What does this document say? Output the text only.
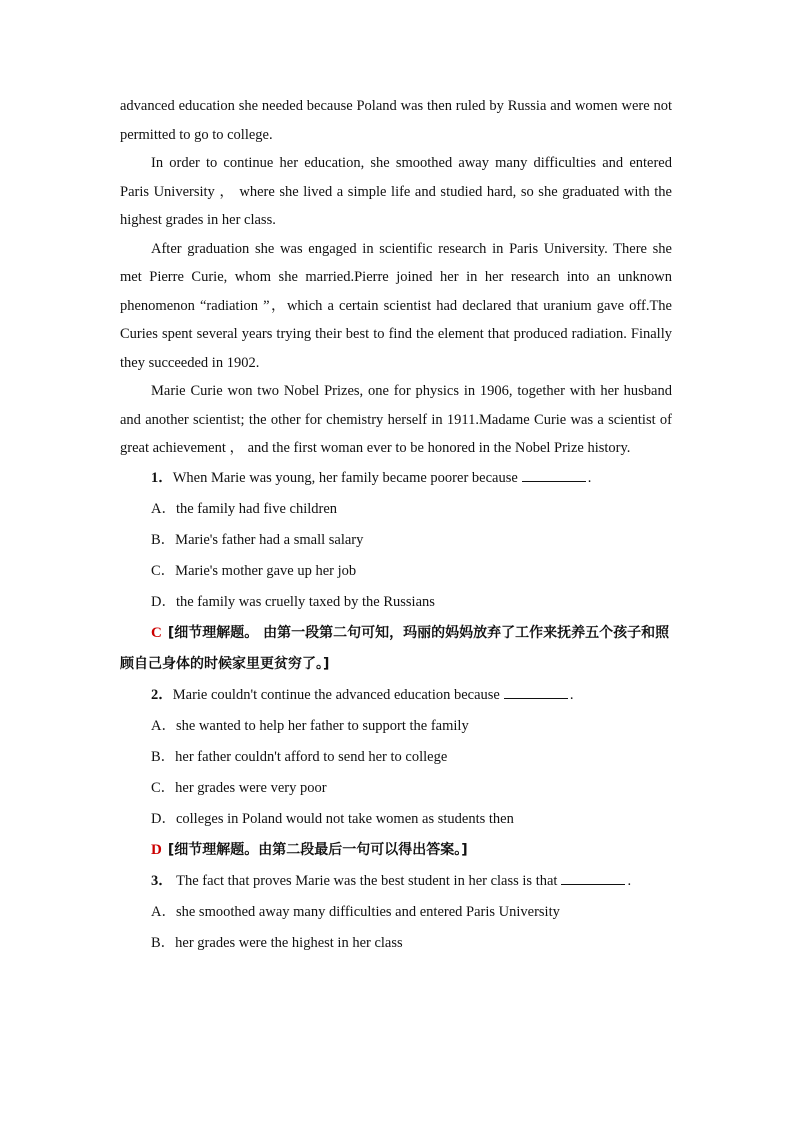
advanced education she needed because Poland was then ruled by Russia and women were not permitted to go to college.

In order to continue her education, she smoothed away many difficulties and entered Paris University ， where she lived a simple life and studied hard, so she graduated with the highest grades in her class.

After graduation she was engaged in scientific research in Paris University. There she met Pierre Curie, whom she married.Pierre joined her in her research into an unknown phenomenon “radiation ”，which a certain scientist had declared that uranium gave off.The Curies spent several years trying their best to find the element that produced radiation. Finally they succeeded in 1902.

Marie Curie won two Nobel Prizes, one for physics in 1906, together with her husband and another scientist; the other for chemistry herself in 1911.Madame Curie was a scientist of great achievement ， and the first woman ever to be honored in the Nobel Prize history.

1．When Marie was young, her family became poorer because	.

A．the family had five children

B．Marie's father had a small salary

C．Marie's mother gave up her job

D．the family was cruelly taxed by the Russians

C [细节理解题。 由第一段第二句可知，玛丽的妈妈放弃了工作来抚养五个孩子和照顾自己身体的时候家里更贫穷了。]

2．Marie couldn't continue the advanced education because	.

A．she wanted to help her father to support the family

B．her father couldn't afford to send her to college

C．her grades were very poor

D．colleges in Poland would not take women as students then

D [细节理解题。由第二段最后一句可以得出答案。]

3． The fact that proves Marie was the best student in her class is that	.

A．she smoothed away many difficulties and entered Paris University

B．her grades were the highest in her class
